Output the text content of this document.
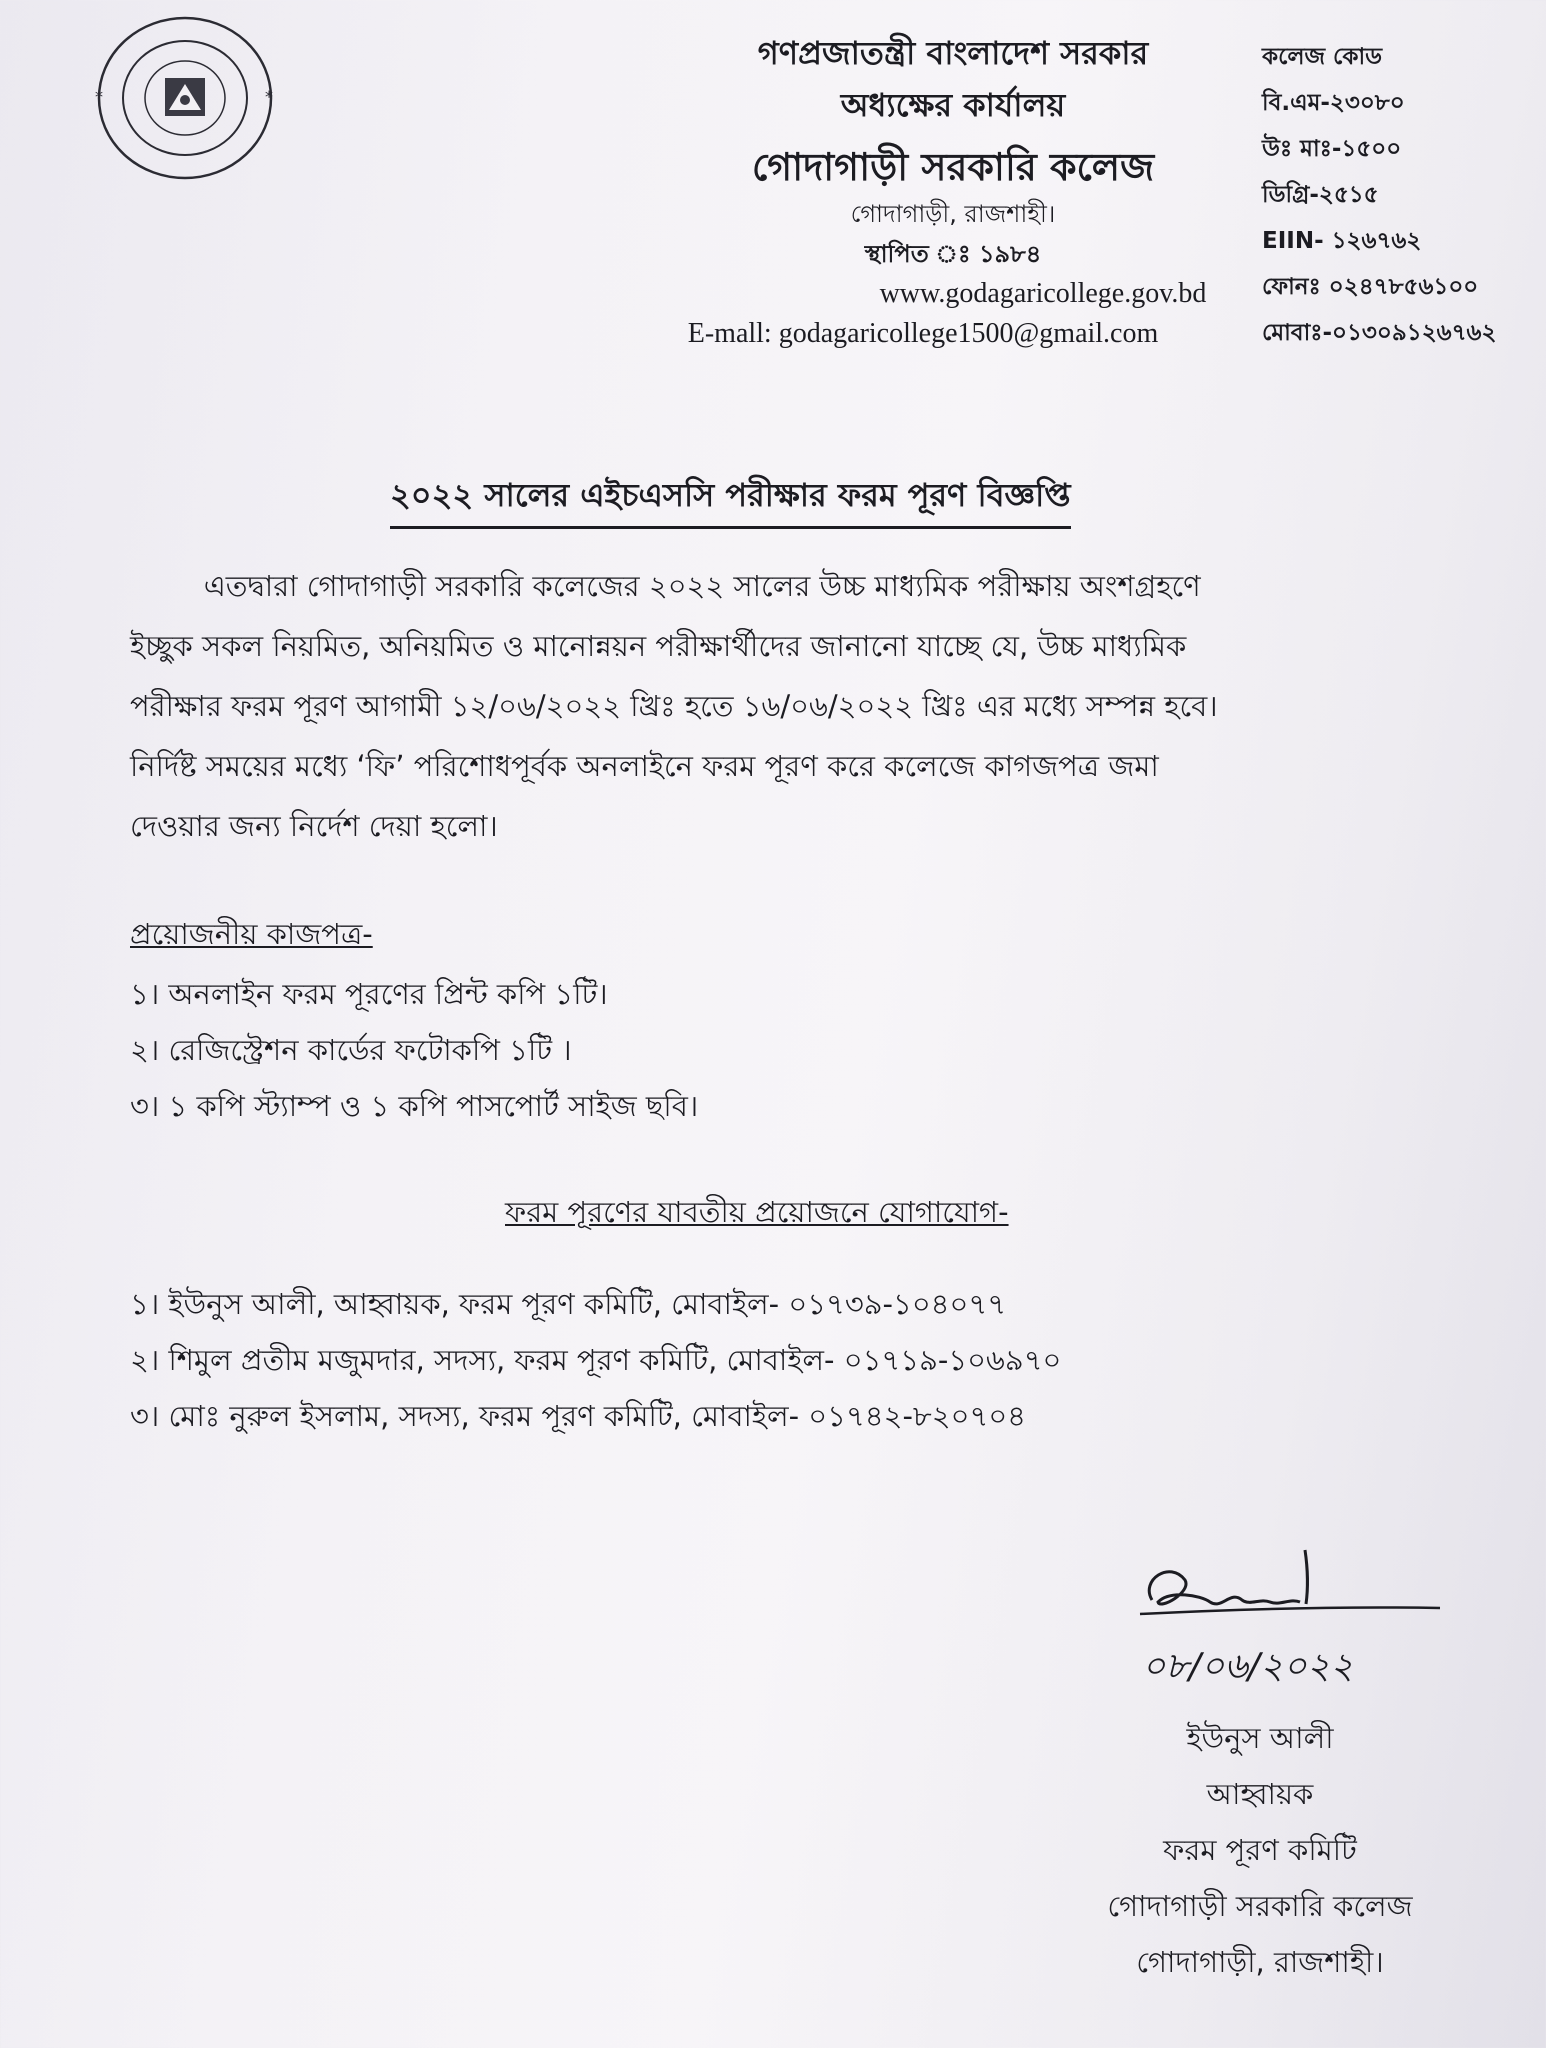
*	*
গণপ্রজাতন্ত্রী বাংলাদেশ সরকার
অধ্যক্ষের কার্যালয়
গোদাগাড়ী সরকারি কলেজ
গোদাগাড়ী, রাজশাহী।
স্থাপিত ঃ ১৯৮৪
www.godagaricollege.gov.bd
E-mall: godagaricollege1500@gmail.com
কলেজ কোড
বি.এম-২৩০৮০
উঃ মাঃ-১৫০০
ডিগ্রি-২৫১৫
EIIN- ১২৬৭৬২
ফোনঃ ০২৪৭৮৫৬১০০
মোবাঃ-০১৩০৯১২৬৭৬২
২০২২ সালের এইচএসসি পরীক্ষার ফরম পূরণ বিজ্ঞপ্তি
এতদ্বারা গোদাগাড়ী সরকারি কলেজের ২০২২ সালের উচ্চ মাধ্যমিক পরীক্ষায় অংশগ্রহণে
ইচ্ছুক সকল নিয়মিত, অনিয়মিত ও মানোন্নয়ন পরীক্ষার্থীদের জানানো যাচ্ছে যে, উচ্চ মাধ্যমিক
পরীক্ষার ফরম পূরণ আগামী ১২/০৬/২০২২ খ্রিঃ হতে ১৬/০৬/২০২২ খ্রিঃ এর মধ্যে সম্পন্ন হবে।
নির্দিষ্ট সময়ের মধ্যে ‘ফি’ পরিশোধপূর্বক অনলাইনে ফরম পূরণ করে কলেজে কাগজপত্র জমা
দেওয়ার জন্য নির্দেশ দেয়া হলো।
প্রয়োজনীয় কাজপত্র-
১। অনলাইন ফরম পূরণের প্রিন্ট কপি ১টি।
২। রেজিস্ট্রেশন কার্ডের ফটোকপি ১টি ।
৩। ১ কপি স্ট্যাম্প ও ১ কপি পাসপোর্ট সাইজ ছবি।
ফরম পূরণের যাবতীয় প্রয়োজনে যোগাযোগ-
১। ইউনুস আলী, আহ্বায়ক, ফরম পূরণ কমিটি, মোবাইল- ০১৭৩৯-১০৪০৭৭
২। শিমুল প্রতীম মজুমদার, সদস্য, ফরম পূরণ কমিটি, মোবাইল- ০১৭১৯-১০৬৯৭০
৩। মোঃ নুরুল ইসলাম, সদস্য, ফরম পূরণ কমিটি, মোবাইল- ০১৭৪২-৮২০৭০৪
০৮/০৬/২০২২
ইউনুস আলী
আহ্বায়ক
ফরম পূরণ কমিটি
গোদাগাড়ী সরকারি কলেজ
গোদাগাড়ী, রাজশাহী।
